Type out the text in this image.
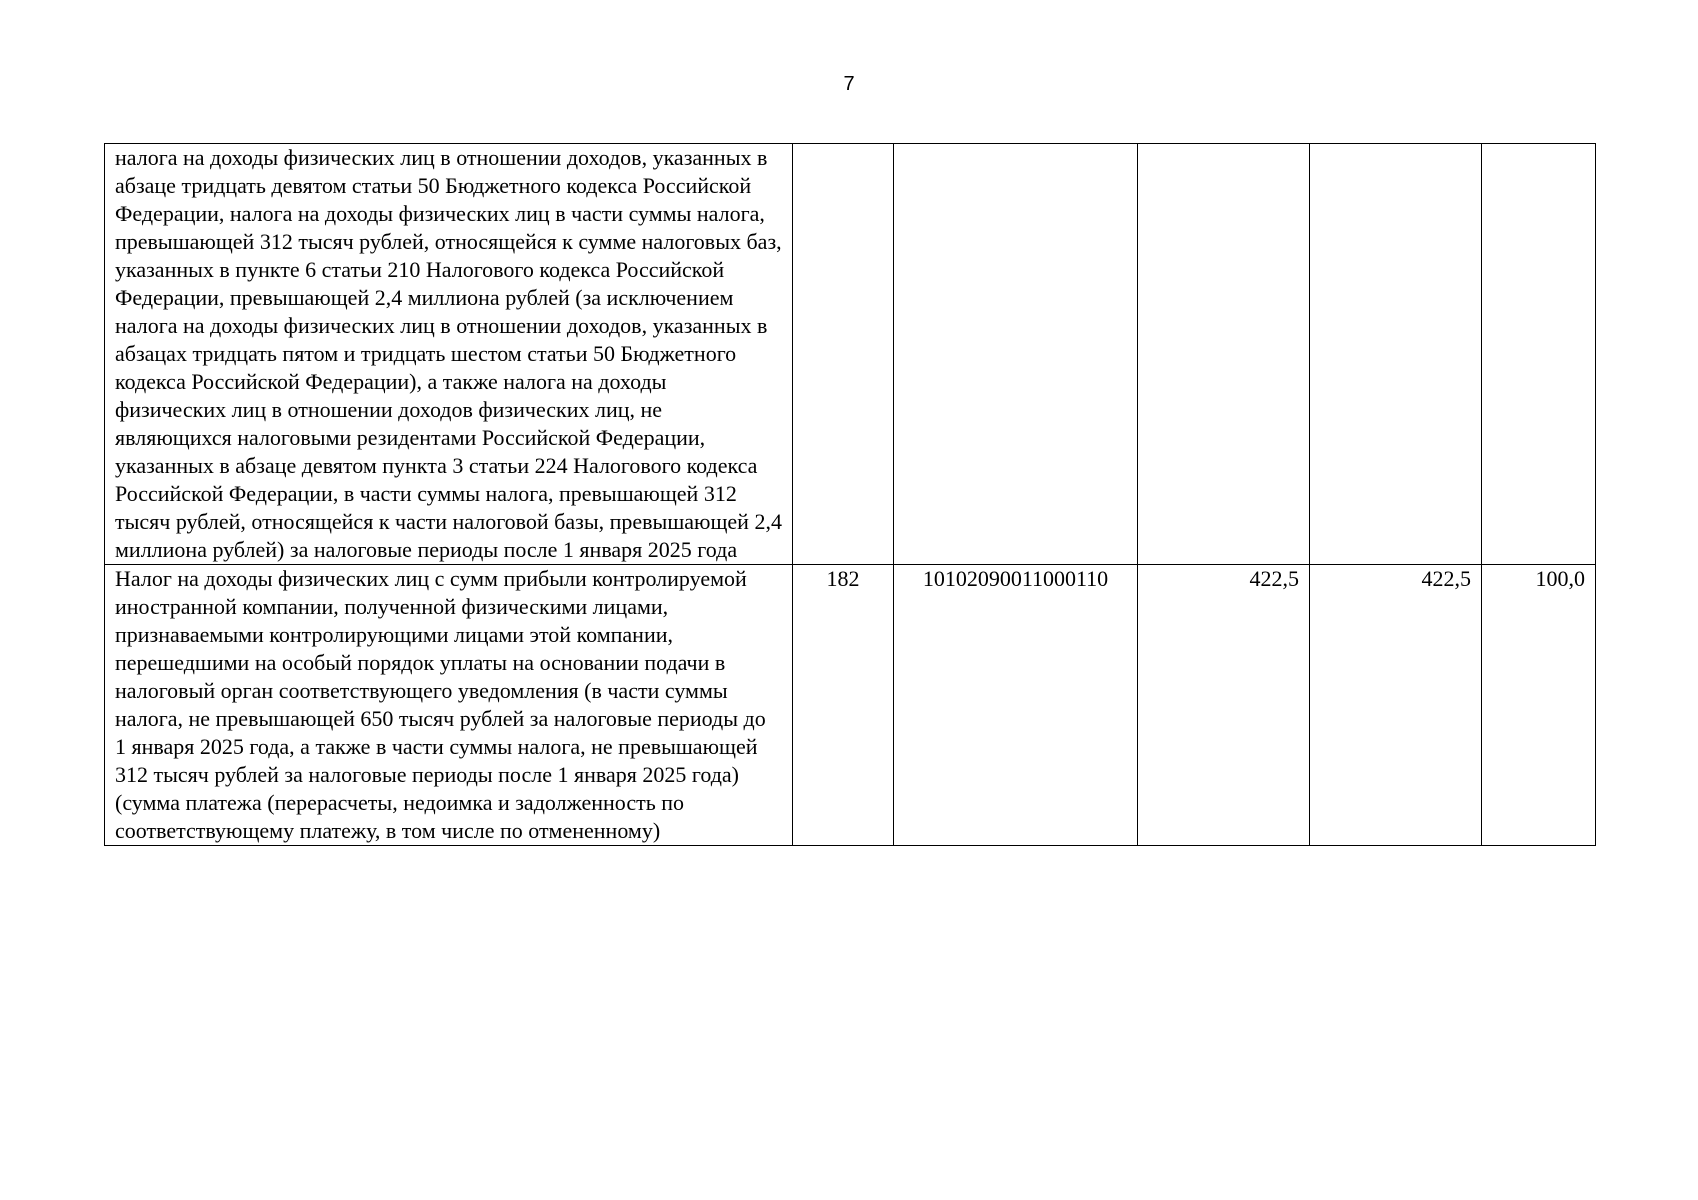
7
налога на доходы физических лиц в отношении доходов, указанных в абзаце тридцать девятом статьи 50 Бюджетного кодекса Российской Федерации, налога на доходы физических лиц в части суммы налога, превышающей 312 тысяч рублей, относящейся к сумме налоговых баз, указанных в пункте 6 статьи 210 Налогового кодекса Российской Федерации, превышающей 2,4 миллиона рублей (за исключением налога на доходы физических лиц в отношении доходов, указанных в абзацах тридцать пятом и тридцать шестом статьи 50 Бюджетного кодекса Российской Федерации), а также налога на доходы физических лиц в отношении доходов физических лиц, не являющихся налоговыми резидентами Российской Федерации, указанных в абзаце девятом пункта 3 статьи 224 Налогового кодекса Российской Федерации, в части суммы налога, превышающей 312 тысяч рублей, относящейся к части налоговой базы, превышающей 2,4 миллиона рублей) за налоговые периоды после 1 января 2025 года					
Налог на доходы физических лиц с сумм прибыли контролируемой иностранной компании, полученной физическими лицами, признаваемыми контролирующими лицами этой компании, перешедшими на особый порядок уплаты на основании подачи в налоговый орган соответствующего уведомления (в части суммы налога, не превышающей 650 тысяч рублей за налоговые периоды до 1 января 2025 года, а также в части суммы налога, не превышающей 312 тысяч рублей за налоговые периоды после 1 января 2025 года) (сумма платежа (перерасчеты, недоимка и задолженность по соответствующему платежу, в том числе по отмененному)	182	10102090011000110	422,5	422,5	100,0
